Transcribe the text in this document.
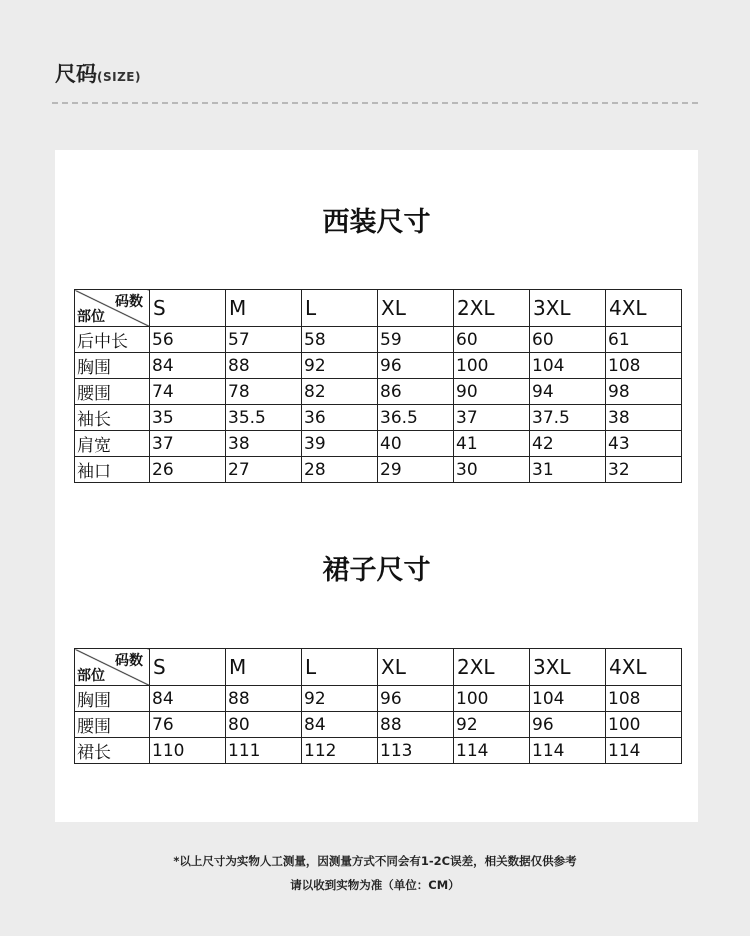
尺码 (SIZE)
西装尺寸
码数
部位	S	M	L	XL	2XL	3XL	4XL
后中长	56	57	58	59	60	60	61
胸围	84	88	92	96	100	104	108
腰围	74	78	82	86	90	94	98
袖长	35	35.5	36	36.5	37	37.5	38
肩宽	37	38	39	40	41	42	43
袖口	26	27	28	29	30	31	32
裙子尺寸
码数
部位	S	M	L	XL	2XL	3XL	4XL
胸围	84	88	92	96	100	104	108
腰围	76	80	84	88	92	96	100
裙长	110	111	112	113	114	114	114
*以上尺寸为实物人工测量，因测量方式不同会有1-2C误差，相关数据仅供参考
请以收到实物为准（单位：CM）
